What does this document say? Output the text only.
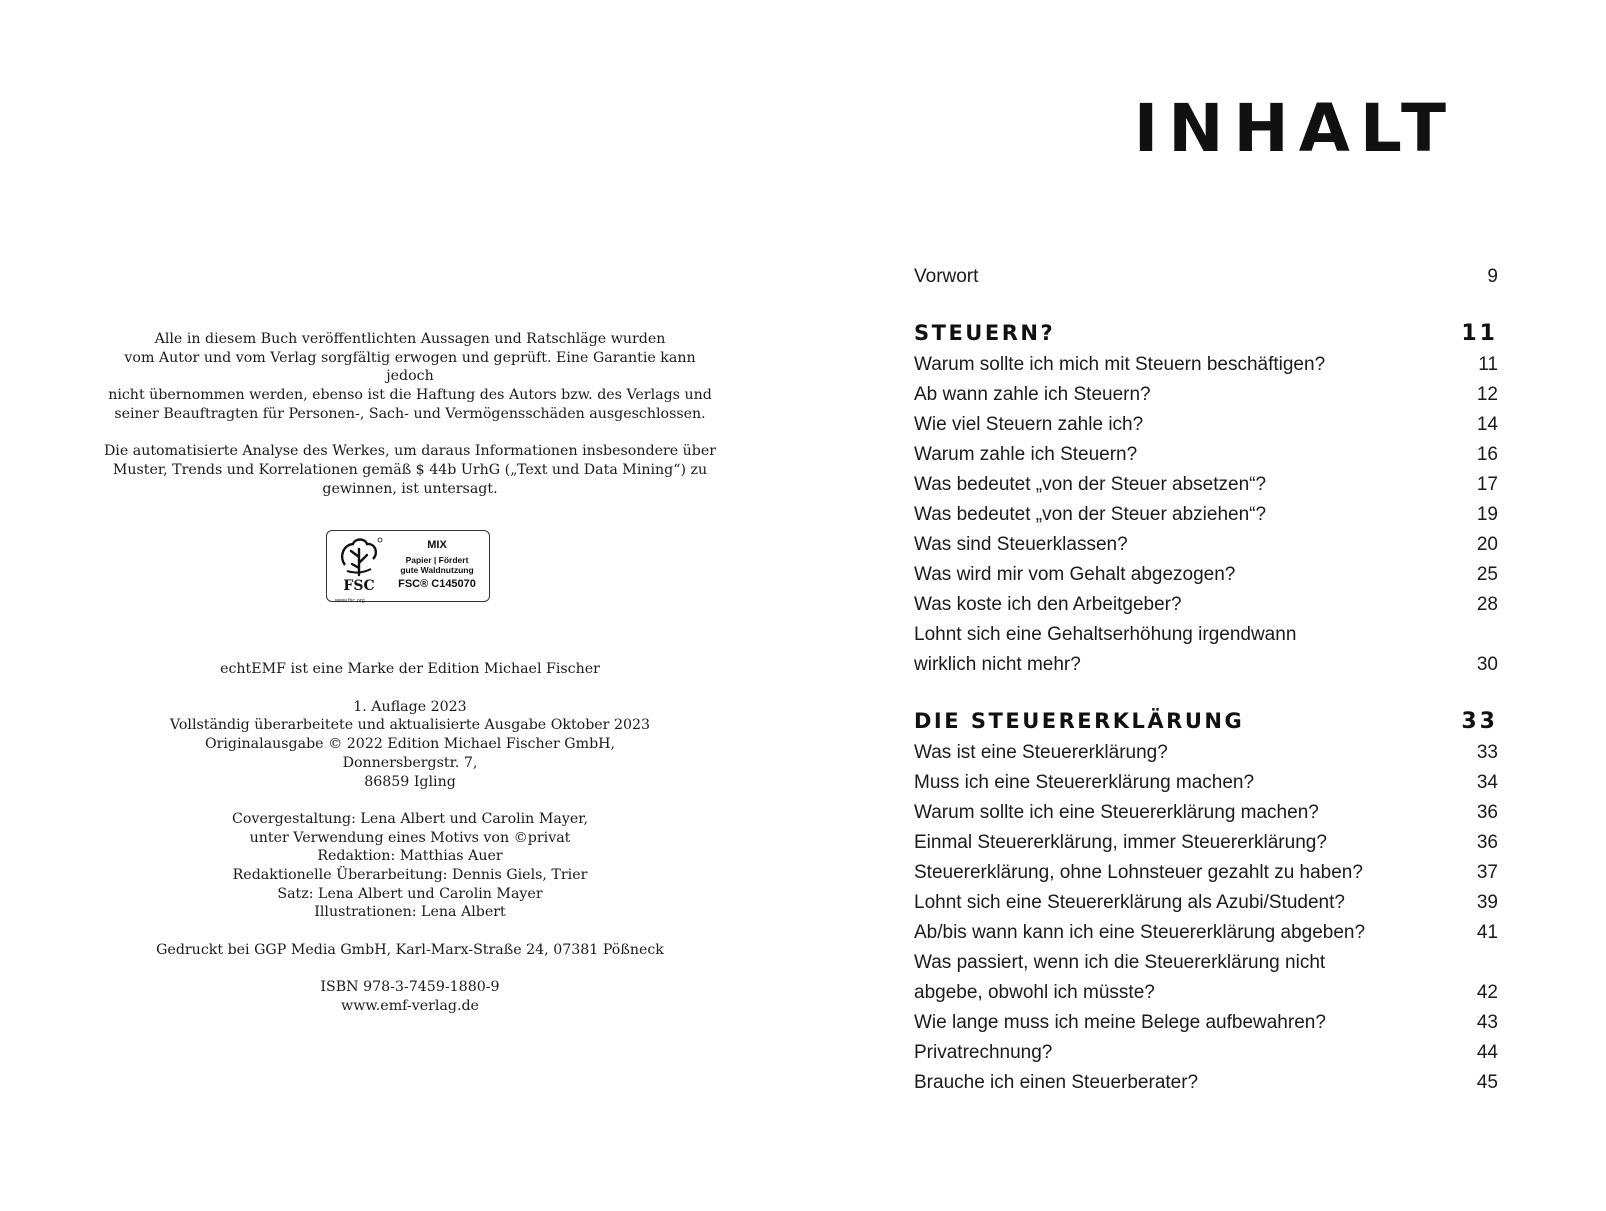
Alle in diesem Buch veröffentlichten Aussagen und Ratschläge wurden

vom Autor und vom Verlag sorgfältig erwogen und geprüft. Eine Garantie kann jedoch

nicht übernommen werden, ebenso ist die Haftung des Autors bzw. des Verlags und

seiner Beauftragten für Personen-, Sach- und Vermögensschäden ausgeschlossen.

Die automatisierte Analyse des Werkes, um daraus Informationen insbesondere über

Muster, Trends und Korrelationen gemäß $ 44b UrhG („Text und Data Mining“) zu

gewinnen, ist untersagt.

FSC
www.fsc.org
MIX
Papier | Fördert
gute Waldnutzung
FSC® C145070

echtEMF ist eine Marke der Edition Michael Fischer

1. Auflage 2023

Vollständig überarbeitete und aktualisierte Ausgabe Oktober 2023

Originalausgabe © 2022 Edition Michael Fischer GmbH,

Donnersbergstr. 7,

86859 Igling

Covergestaltung: Lena Albert und Carolin Mayer,

unter Verwendung eines Motivs von ©privat

Redaktion: Matthias Auer

Redaktionelle Überarbeitung: Dennis Giels, Trier

Satz: Lena Albert und Carolin Mayer

Illustrationen: Lena Albert

Gedruckt bei GGP Media GmbH, Karl-Marx-Straße 24, 07381 Pößneck

ISBN 978-3-7459-1880-9

www.emf-verlag.de

INHALT
Vorwort	9
STEUERN?	11
Warum sollte ich mich mit Steuern beschäftigen?	11
Ab wann zahle ich Steuern?	12
Wie viel Steuern zahle ich?	14
Warum zahle ich Steuern?	16
Was bedeutet „von der Steuer absetzen“?	17
Was bedeutet „von der Steuer abziehen“?	19
Was sind Steuerklassen?	20
Was wird mir vom Gehalt abgezogen?	25
Was koste ich den Arbeitgeber?	28
Lohnt sich eine Gehaltserhöhung irgendwann
wirklich nicht mehr?	30
DIE STEUERERKLÄRUNG	33
Was ist eine Steuererklärung?	33
Muss ich eine Steuererklärung machen?	34
Warum sollte ich eine Steuererklärung machen?	36
Einmal Steuererklärung, immer Steuererklärung?	36
Steuererklärung, ohne Lohnsteuer gezahlt zu haben?	37
Lohnt sich eine Steuererklärung als Azubi/Student?	39
Ab/bis wann kann ich eine Steuererklärung abgeben?	41
Was passiert, wenn ich die Steuererklärung nicht
abgebe, obwohl ich müsste?	42
Wie lange muss ich meine Belege aufbewahren?	43
Privatrechnung?	44
Brauche ich einen Steuerberater?	45
